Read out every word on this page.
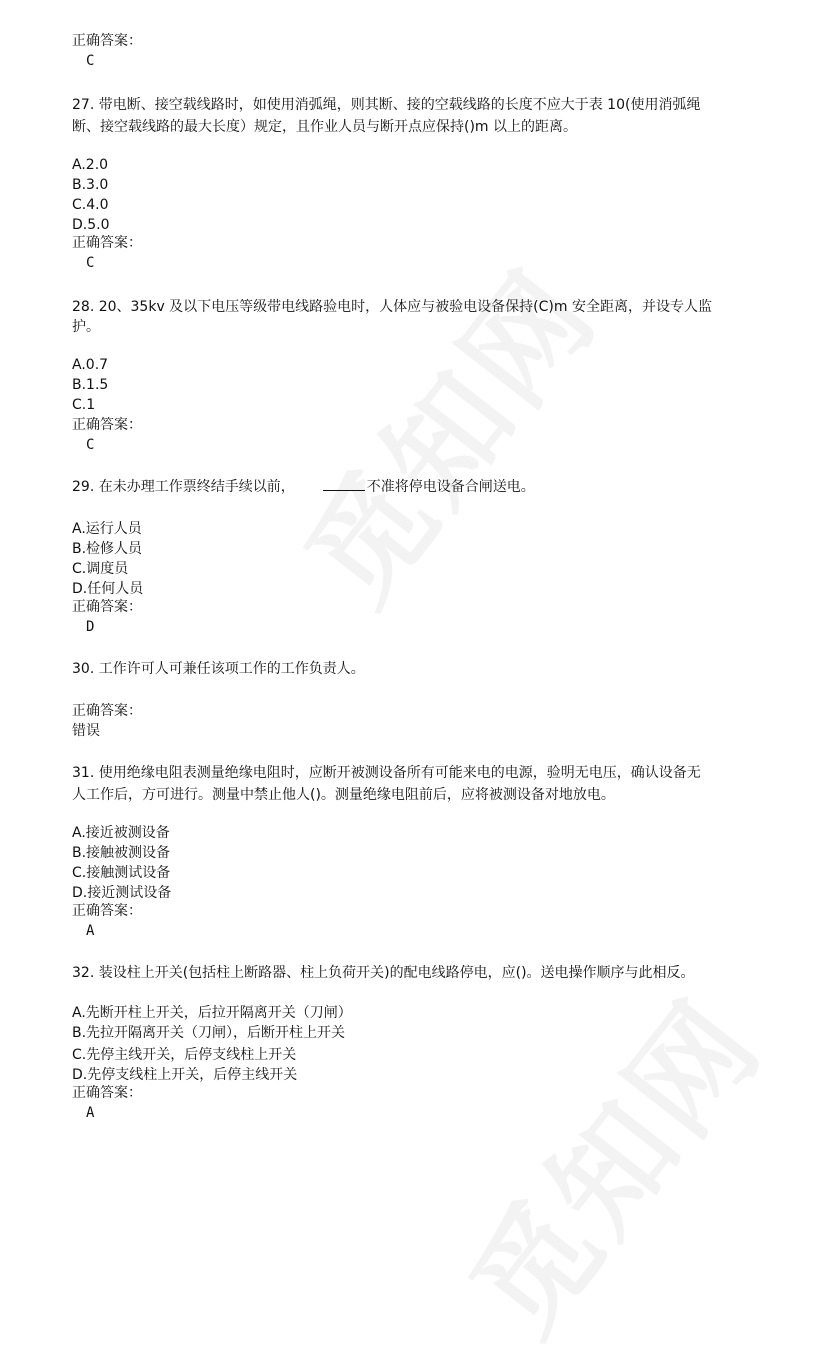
正确答案：
C
27. 带电断、接空载线路时，如使用消弧绳，则其断、接的空载线路的长度不应大于表 10(使用消弧绳
断、接空载线路的最大长度）规定，且作业人员与断开点应保持()m 以上的距离。
A.2.0
B.3.0
C.4.0
D.5.0
正确答案：
C
28. 20、35kv 及以下电压等级带电线路验电时，人体应与被验电设备保持(C)m 安全距离，并设专人监
护。
A.0.7
B.1.5
C.1
正确答案：
C
29. 在未办理工作票终结手续以前，	不准将停电设备合闸送电。
A.运行人员
B.检修人员
C.调度员
D.任何人员
正确答案：
D
30. 工作许可人可兼任该项工作的工作负责人。
正确答案：
错误
31. 使用绝缘电阻表测量绝缘电阻时，应断开被测设备所有可能来电的电源，验明无电压，确认设备无
人工作后，方可进行。测量中禁止他人()。测量绝缘电阻前后，应将被测设备对地放电。
A.接近被测设备
B.接触被测设备
C.接触测试设备
D.接近测试设备
正确答案：
A
32. 装设柱上开关(包括柱上断路器、柱上负荷开关)的配电线路停电，应()。送电操作顺序与此相反。
A.先断开柱上开关，后拉开隔离开关（刀闸）
B.先拉开隔离开关（刀闸），后断开柱上开关
C.先停主线开关，后停支线柱上开关
D.先停支线柱上开关，后停主线开关
正确答案：
A
